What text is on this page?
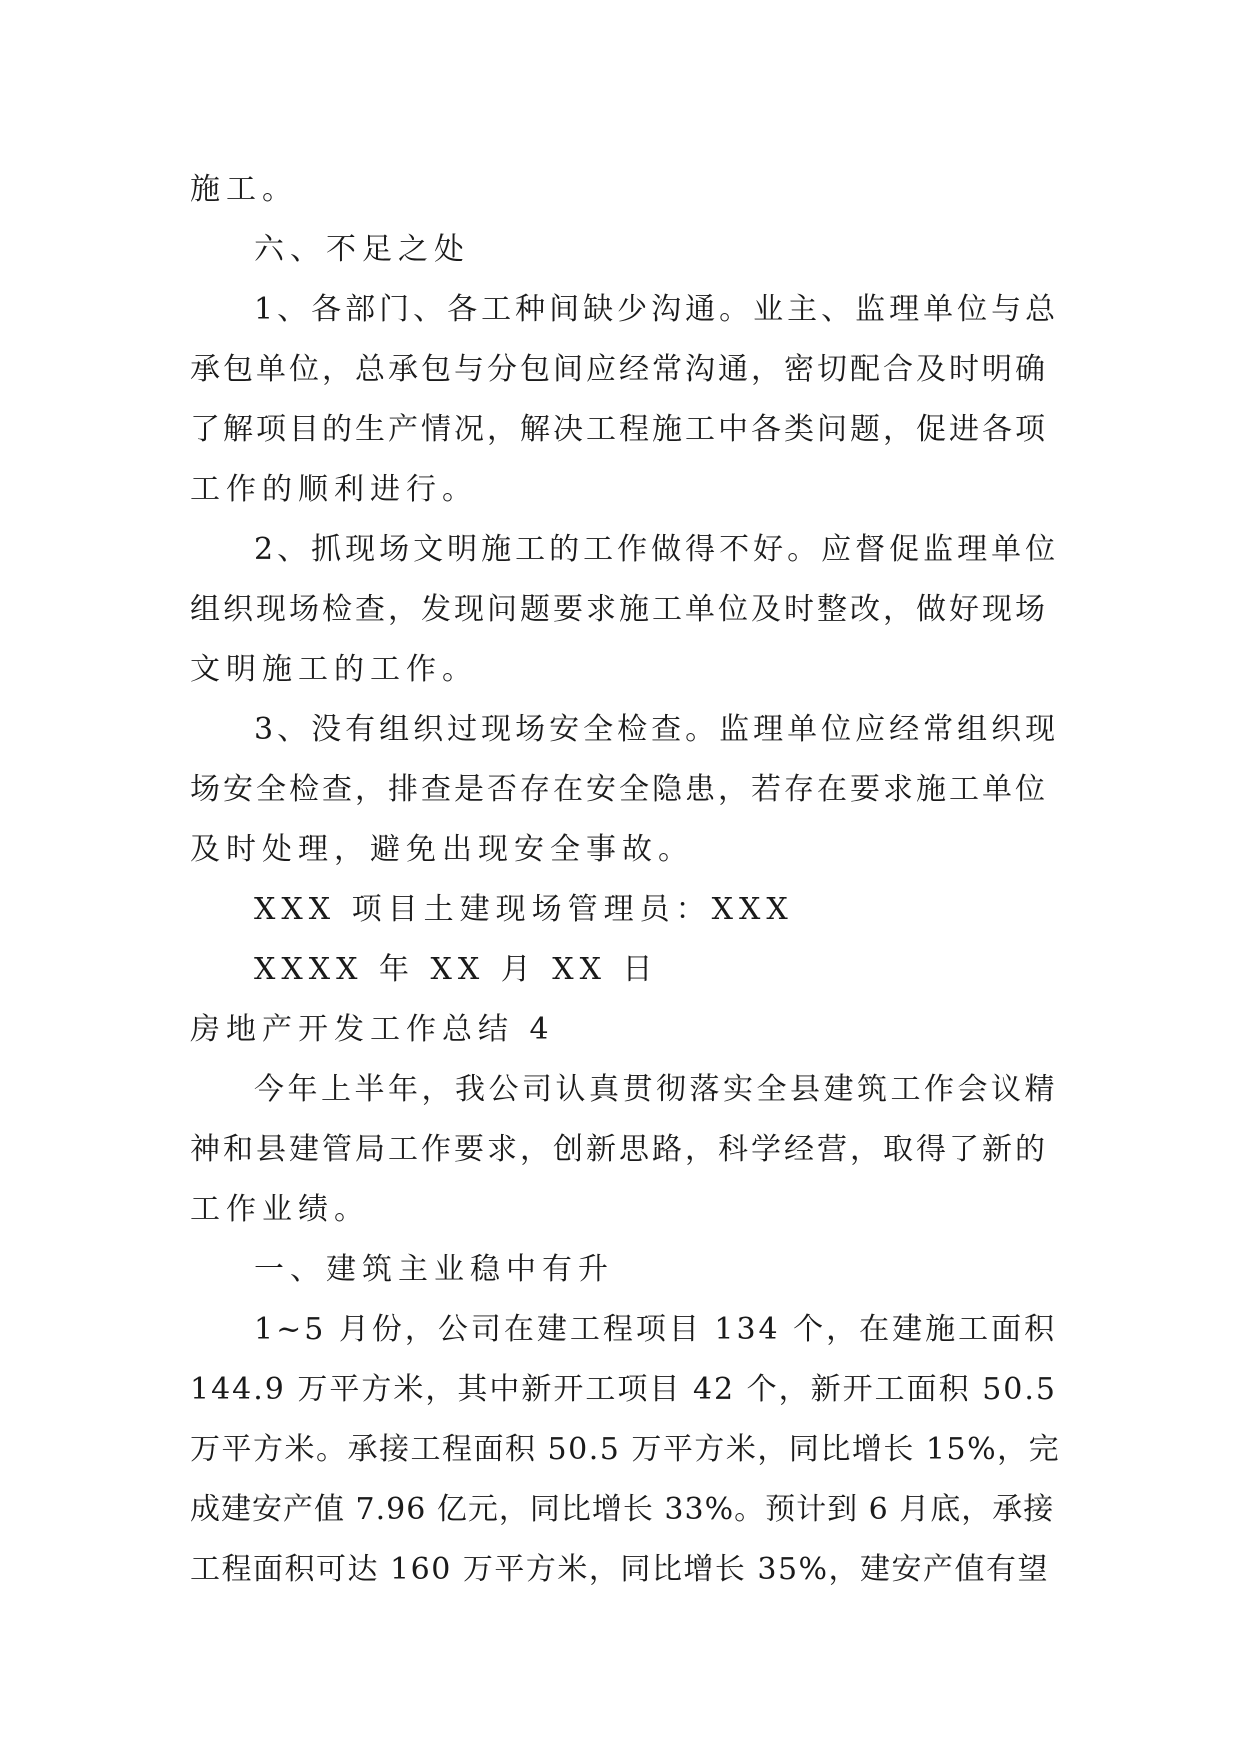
施工。
六、不足之处
1、各部门、各工种间缺少沟通。业主、监理单位与总
承包单位，总承包与分包间应经常沟通，密切配合及时明确
了解项目的生产情况，解决工程施工中各类问题，促进各项
工作的顺利进行。
2、抓现场文明施工的工作做得不好。应督促监理单位
组织现场检查，发现问题要求施工单位及时整改，做好现场
文明施工的工作。
3、没有组织过现场安全检查。监理单位应经常组织现
场安全检查，排查是否存在安全隐患，若存在要求施工单位
及时处理，避免出现安全事故。
XXX 项目土建现场管理员：XXX
XXXX 年 XX 月 XX 日
房地产开发工作总结 4
今年上半年，我公司认真贯彻落实全县建筑工作会议精
神和县建管局工作要求，创新思路，科学经营，取得了新的
工作业绩。
一、建筑主业稳中有升
1~5 月份，公司在建工程项目 134 个，在建施工面积
144.9 万平方米，其中新开工项目 42 个，新开工面积 50.5
万平方米。承接工程面积 50.5 万平方米，同比增长 15%，完
成建安产值 7.96 亿元，同比增长 33%。预计到 6 月底，承接
工程面积可达 160 万平方米，同比增长 35%，建安产值有望
